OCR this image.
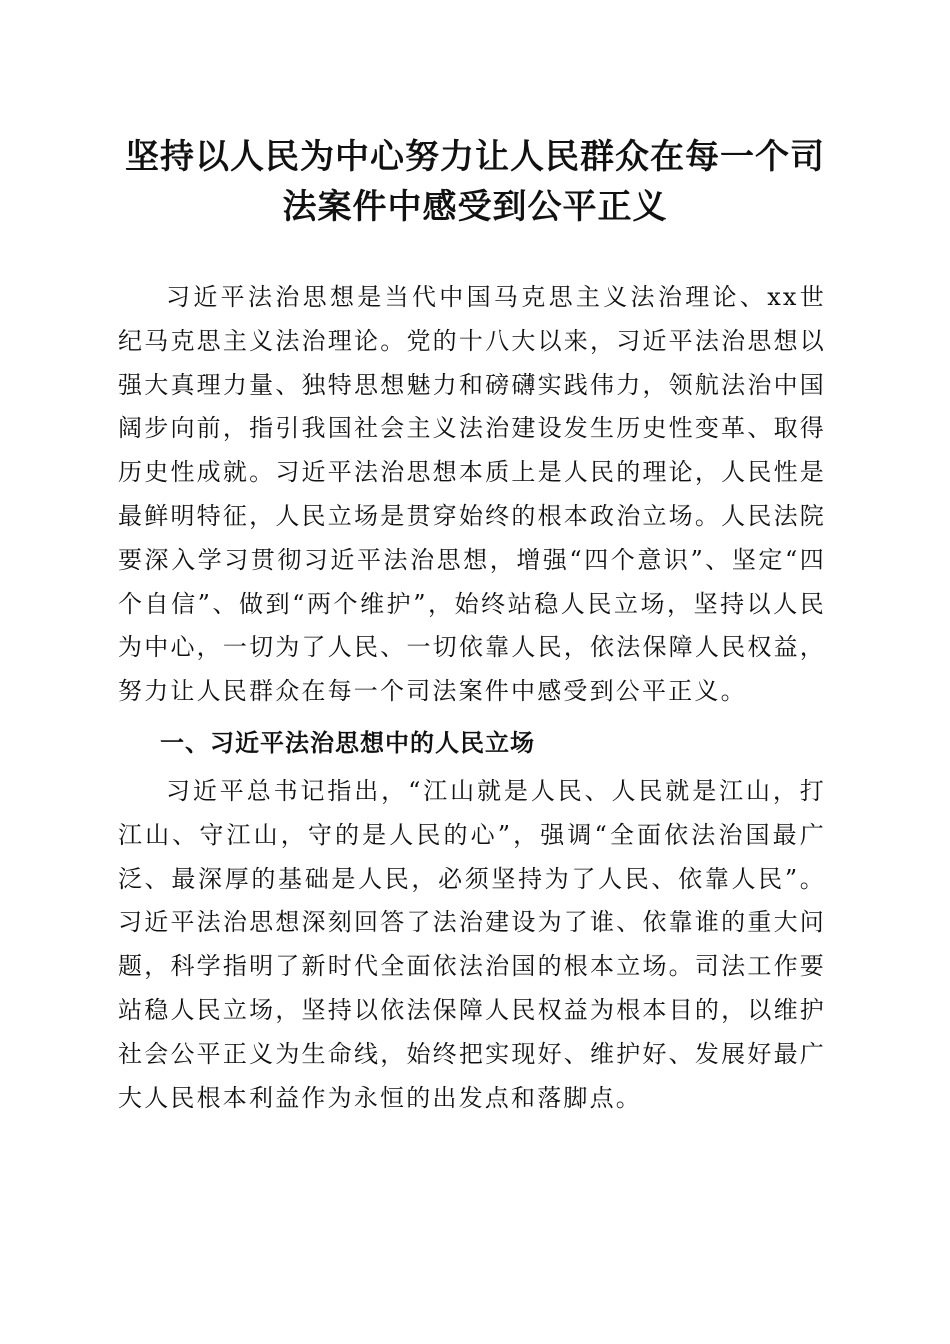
坚持以人民为中心努力让人民群众在每一个司法案件中感受到公平正义

习近平法治思想是当代中国马克思主义法治理论、xx世纪马克思主义法治理论。党的十八大以来，习近平法治思想以强大真理力量、独特思想魅力和磅礴实践伟力，领航法治中国阔步向前，指引我国社会主义法治建设发生历史性变革、取得历史性成就。习近平法治思想本质上是人民的理论，人民性是最鲜明特征，人民立场是贯穿始终的根本政治立场。人民法院要深入学习贯彻习近平法治思想，增强“四个意识”、坚定“四个自信”、做到“两个维护”，始终站稳人民立场，坚持以人民为中心，一切为了人民、一切依靠人民，依法保障人民权益，努力让人民群众在每一个司法案件中感受到公平正义。

一、习近平法治思想中的人民立场

习近平总书记指出，“江山就是人民、人民就是江山，打江山、守江山，守的是人民的心”，强调“全面依法治国最广泛、最深厚的基础是人民，必须坚持为了人民、依靠人民”。习近平法治思想深刻回答了法治建设为了谁、依靠谁的重大问题，科学指明了新时代全面依法治国的根本立场。司法工作要站稳人民立场，坚持以依法保障人民权益为根本目的，以维护社会公平正义为生命线，始终把实现好、维护好、发展好最广大人民根本利益作为永恒的出发点和落脚点。
